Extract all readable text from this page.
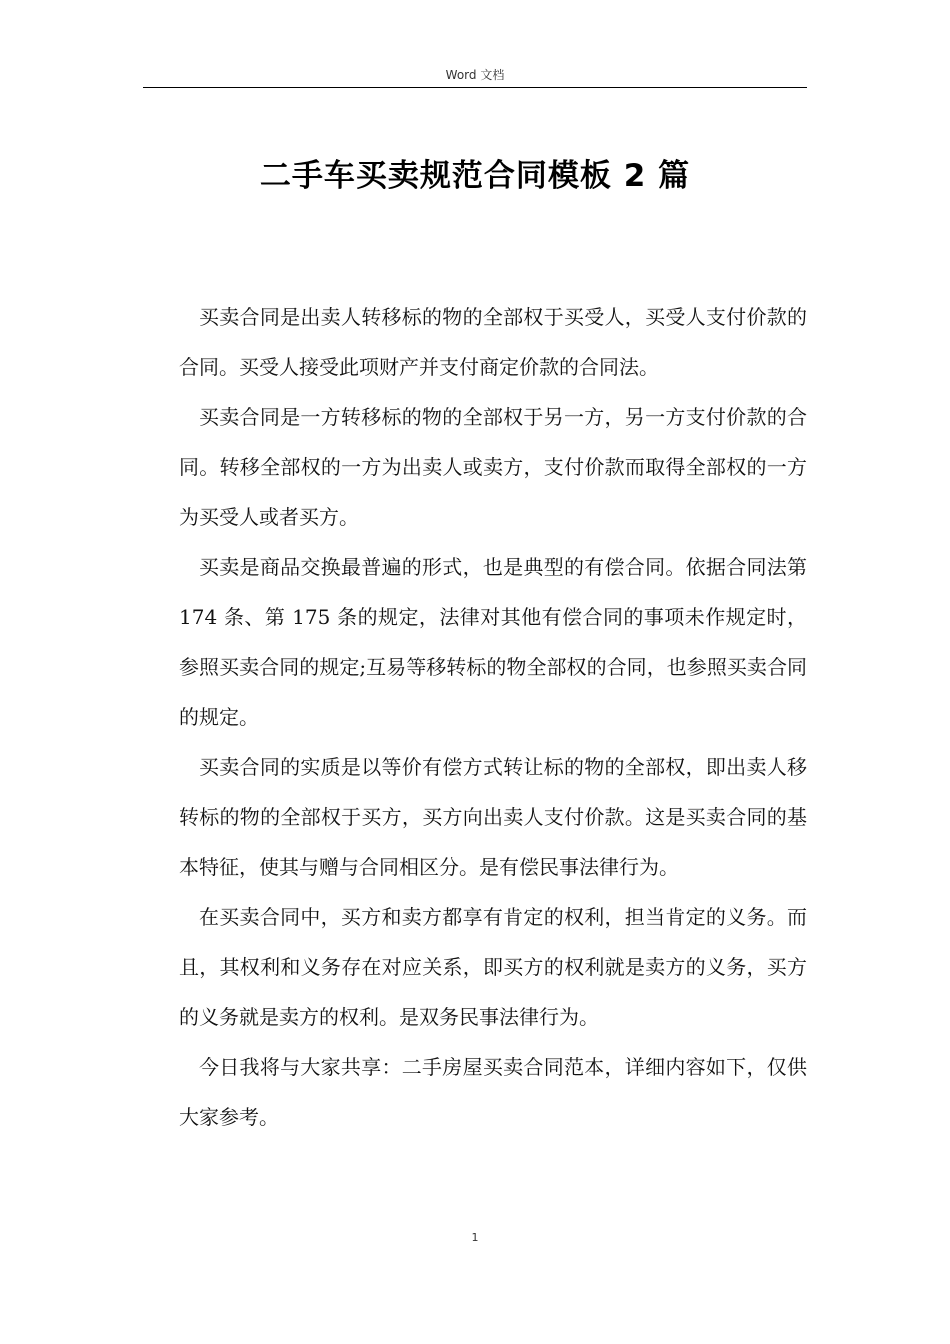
Word 文档
二手车买卖规范合同模板 2 篇

买卖合同是出卖人转移标的物的全部权于买受人，买受人支付价款的合同。买受人接受此项财产并支付商定价款的合同法。

买卖合同是一方转移标的物的全部权于另一方，另一方支付价款的合同。转移全部权的一方为出卖人或卖方，支付价款而取得全部权的一方为买受人或者买方。

买卖是商品交换最普遍的形式，也是典型的有偿合同。依据合同法第 174 条、第 175 条的规定，法律对其他有偿合同的事项未作规定时，参照买卖合同的规定;互易等移转标的物全部权的合同，也参照买卖合同的规定。

买卖合同的实质是以等价有偿方式转让标的物的全部权，即出卖人移转标的物的全部权于买方，买方向出卖人支付价款。这是买卖合同的基本特征，使其与赠与合同相区分。是有偿民事法律行为。

在买卖合同中，买方和卖方都享有肯定的权利，担当肯定的义务。而且，其权利和义务存在对应关系，即买方的权利就是卖方的义务，买方的义务就是卖方的权利。是双务民事法律行为。

今日我将与大家共享：二手房屋买卖合同范本，详细内容如下，仅供大家参考。

1
